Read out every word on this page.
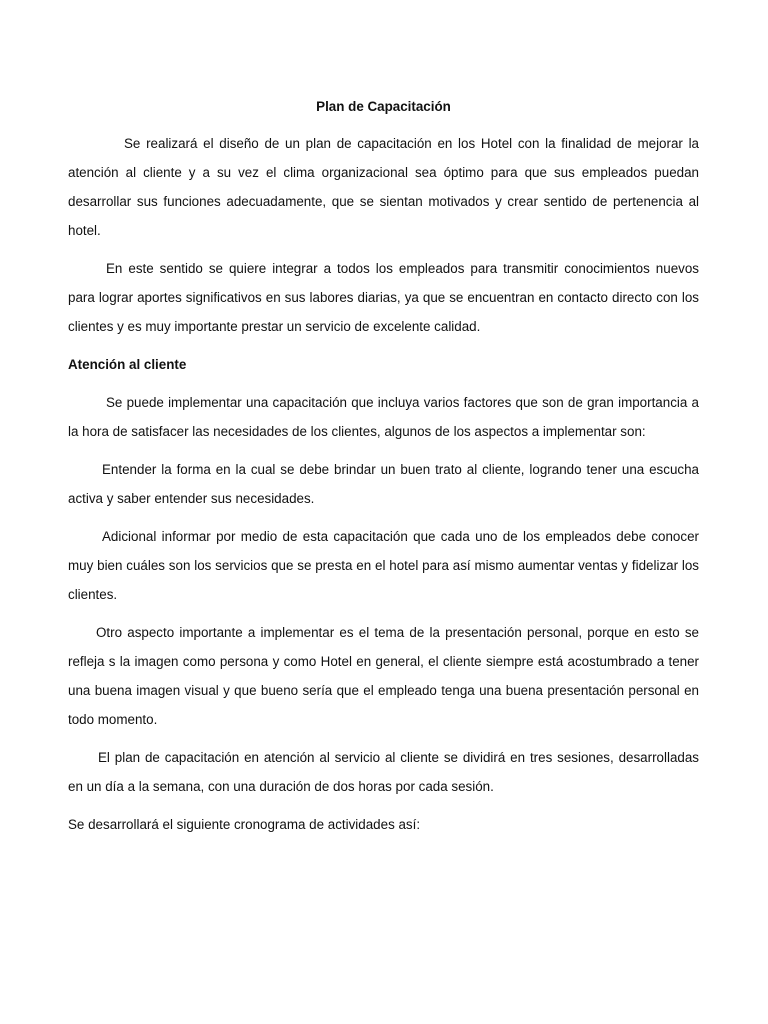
Plan de Capacitación

Se realizará el diseño de un plan de capacitación en los Hotel con la finalidad de mejorar la atención al cliente y a su vez el clima organizacional sea óptimo para que sus empleados puedan desarrollar sus funciones adecuadamente, que se sientan motivados y crear sentido de pertenencia al hotel.

En este sentido se quiere integrar a todos los empleados para transmitir conocimientos nuevos para lograr aportes significativos en sus labores diarias, ya que se encuentran en contacto directo con los clientes y es muy importante prestar un servicio de excelente calidad.

Atención al cliente

Se puede implementar una capacitación que incluya varios factores que son de gran importancia a la hora de satisfacer las necesidades de los clientes, algunos de los aspectos a implementar son:

Entender la forma en la cual se debe brindar un buen trato al cliente, logrando tener una escucha activa y saber entender sus necesidades.

Adicional informar por medio de esta capacitación que cada uno de los empleados debe conocer muy bien cuáles son los servicios que se presta en el hotel para así mismo aumentar ventas y fidelizar los clientes.

Otro aspecto importante a implementar es el tema de la presentación personal, porque en esto se refleja s la imagen como persona y como Hotel en general, el cliente siempre está acostumbrado a tener una buena imagen visual y que bueno sería que el empleado tenga una buena presentación personal en todo momento.

El plan de capacitación en atención al servicio al cliente se dividirá en tres sesiones, desarrolladas en un día a la semana, con una duración de dos horas por cada sesión.

Se desarrollará el siguiente cronograma de actividades así:
